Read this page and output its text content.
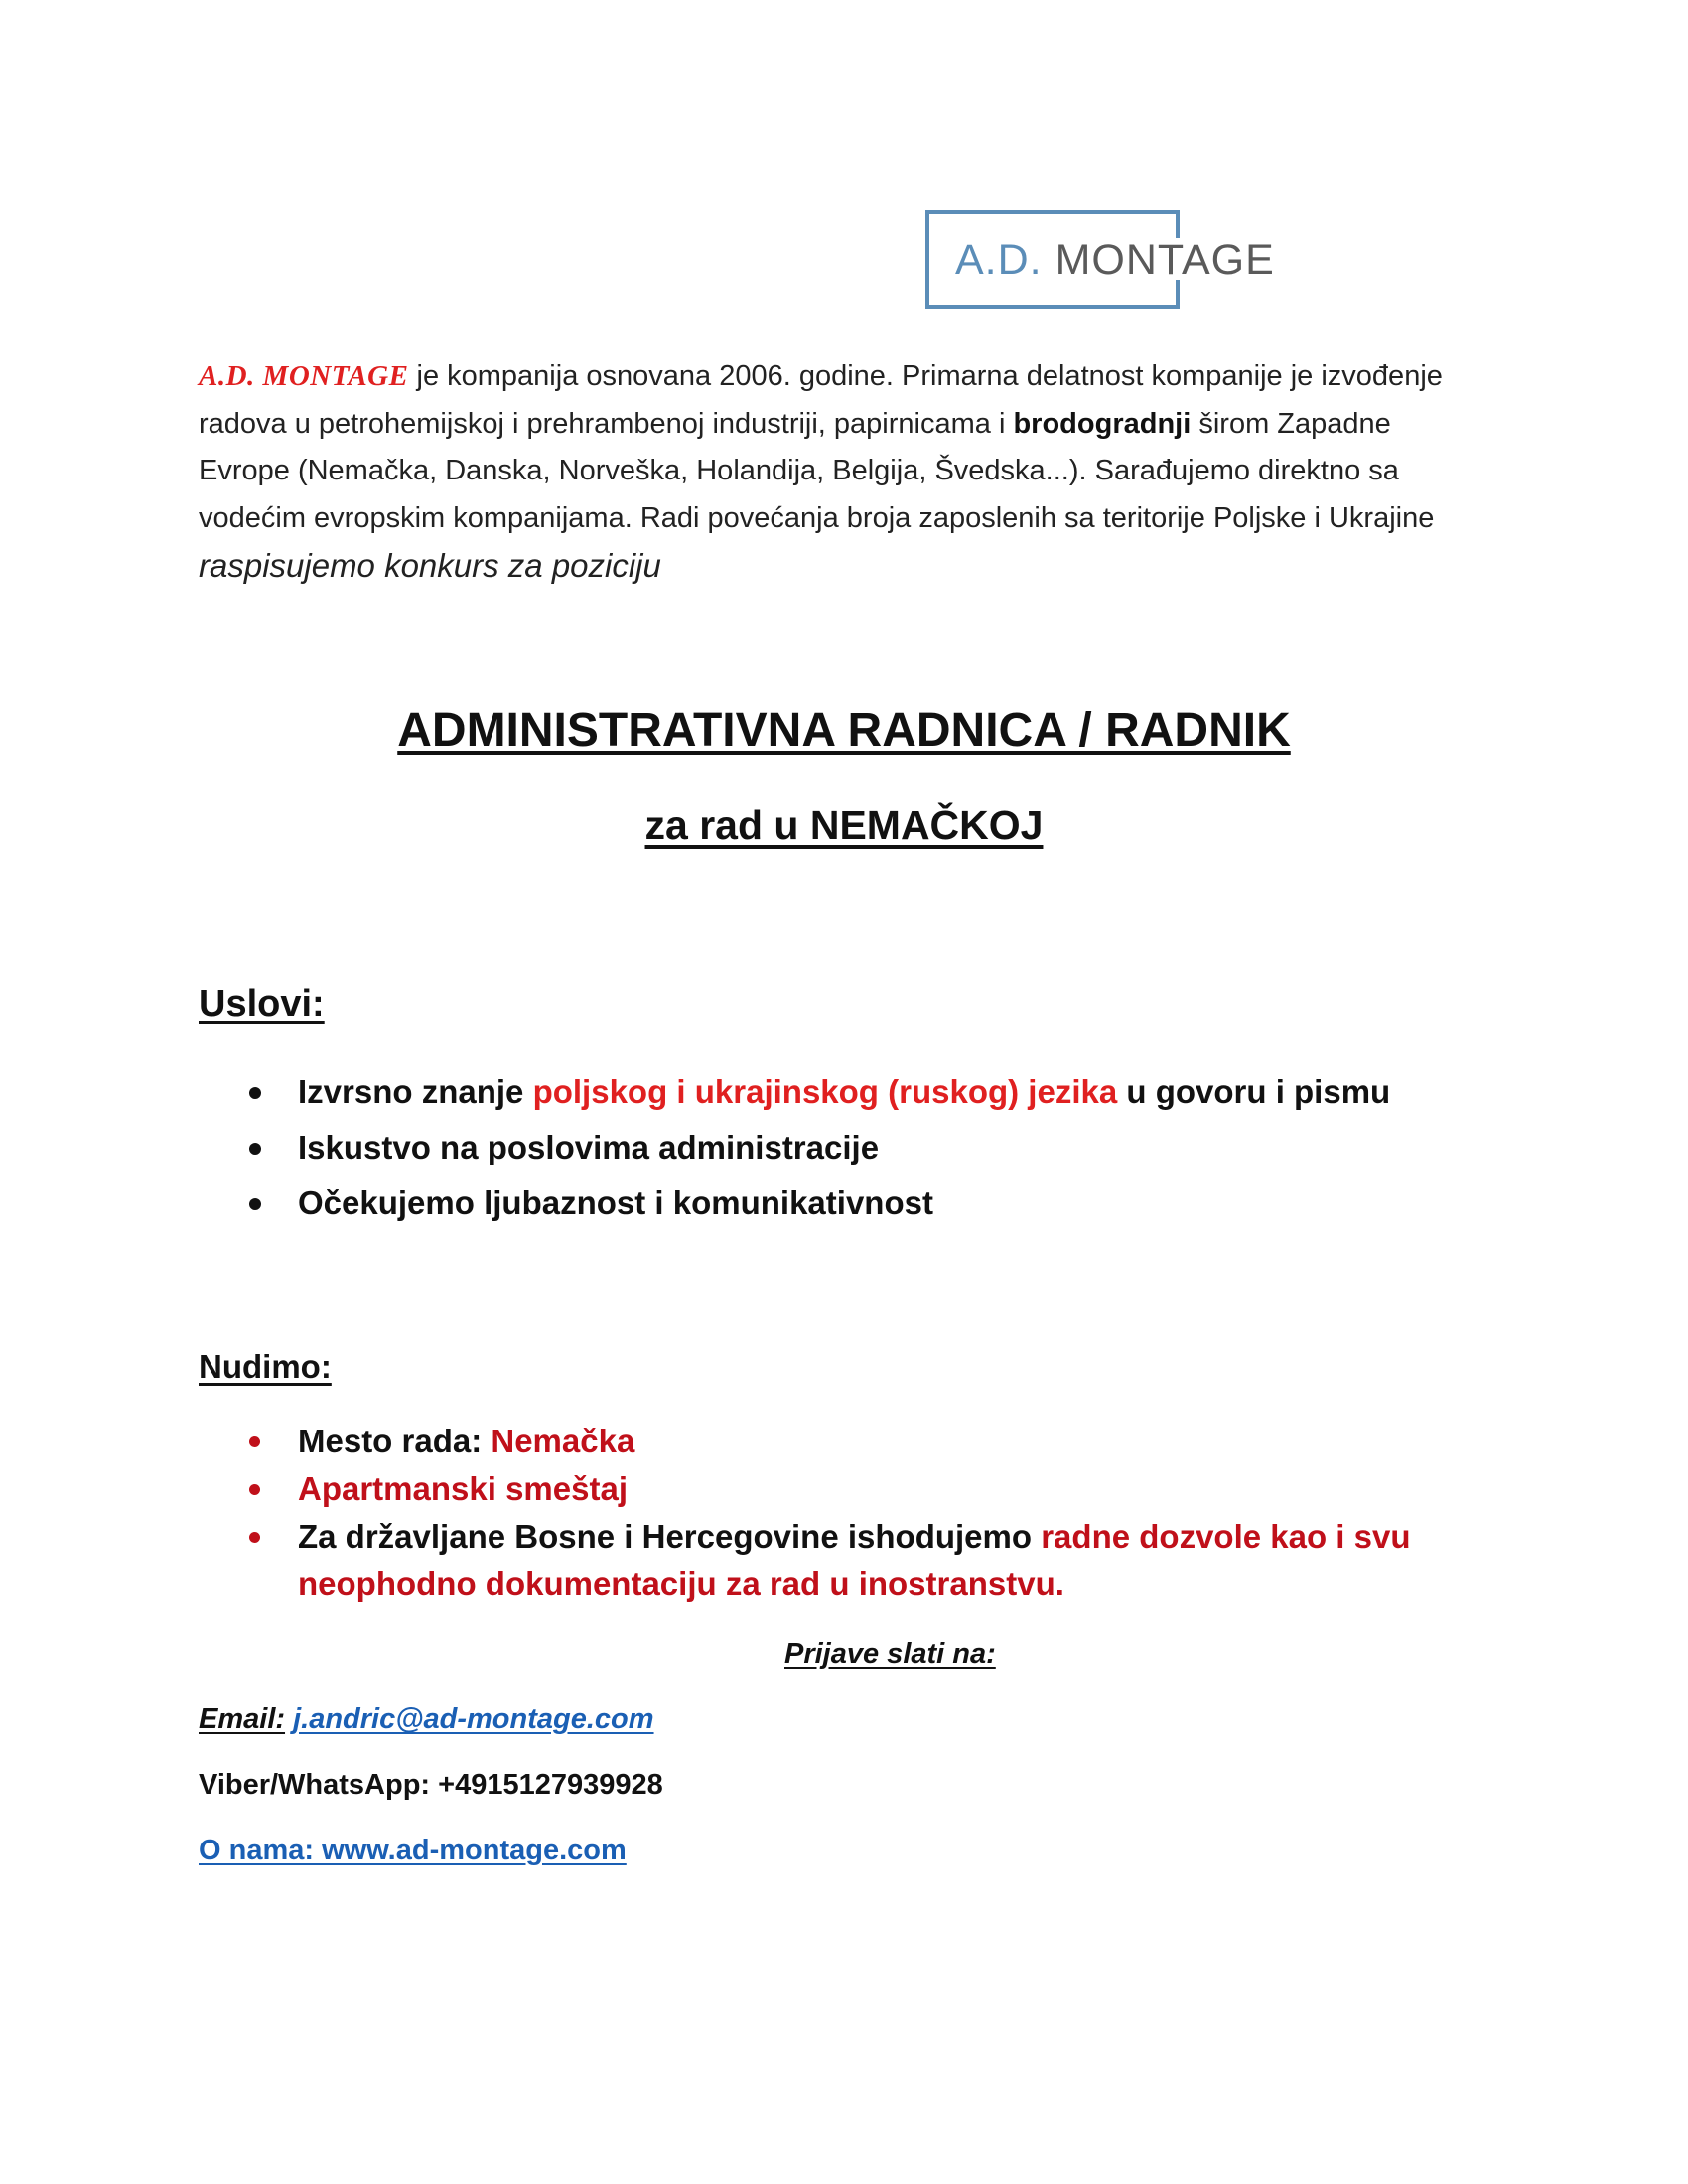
A.D. MONTAGE
A.D. MONTAGE je kompanija osnovana 2006. godine. Primarna delatnost kompanije je izvođenje radova u petrohemijskoj i prehrambenoj industriji, papirnicama i brodogradnji širom Zapadne Evrope (Nemačka, Danska, Norveška, Holandija, Belgija, Švedska...). Sarađujemo direktno sa vodećim evropskim kompanijama. Radi povećanja broja zaposlenih sa teritorije Poljske i Ukrajine raspisujemo konkurs za poziciju
ADMINISTRATIVNA RADNICA / RADNIK
za rad u NEMAČKOJ
Uslovi:
Izvrsno znanje poljskog i ukrajinskog (ruskog) jezika u govoru i pismu
Iskustvo na poslovima administracije
Očekujemo ljubaznost i komunikativnost
Nudimo:
Mesto rada: Nemačka
Apartmanski smeštaj
Za državljane Bosne i Hercegovine ishodujemo radne dozvole kao i svu neophodno dokumentaciju za rad u inostranstvu.
Prijave slati na:
Email: j.andric@ad-montage.com
Viber/WhatsApp: +4915127939928
O nama: www.ad-montage.com
